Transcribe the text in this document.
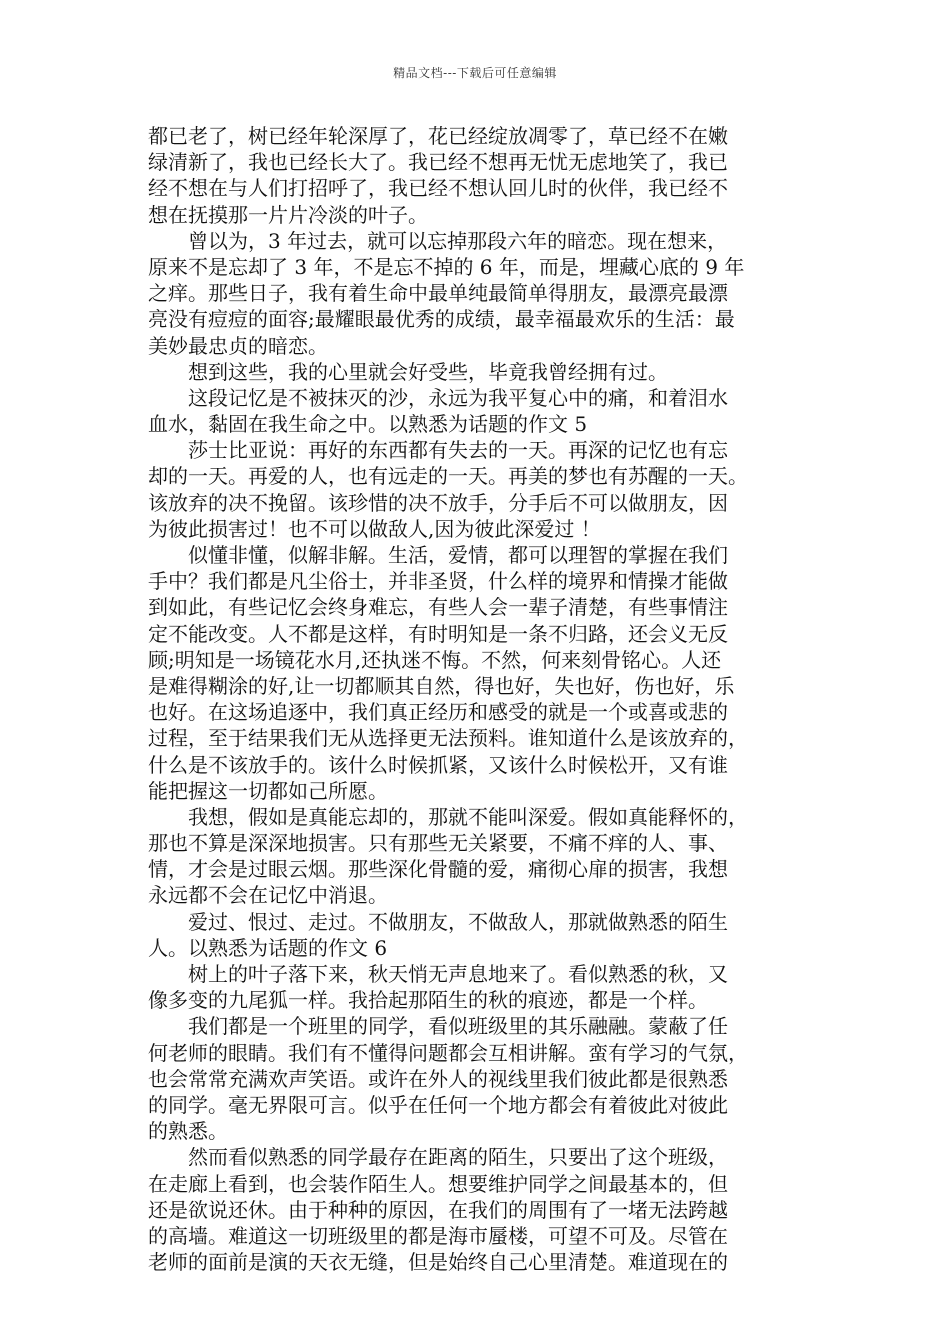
精品文档---下载后可任意编辑
都已老了，树已经年轮深厚了，花已经绽放凋零了，草已经不在嫩
绿清新了，我也已经长大了。我已经不想再无忧无虑地笑了，我已
经不想在与人们打招呼了，我已经不想认回儿时的伙伴，我已经不
想在抚摸那一片片冷淡的叶子。
　　曾以为，3 年过去，就可以忘掉那段六年的暗恋。现在想来，
原来不是忘却了 3 年，不是忘不掉的 6 年，而是，埋藏心底的 9 年
之痒。那些日子，我有着生命中最单纯最简单得朋友，最漂亮最漂
亮没有痘痘的面容;最耀眼最优秀的成绩，最幸福最欢乐的生活：最
美妙最忠贞的暗恋。
　　想到这些，我的心里就会好受些，毕竟我曾经拥有过。
　　这段记忆是不被抹灭的沙，永远为我平复心中的痛，和着泪水
血水，黏固在我生命之中。以熟悉为话题的作文 5
　　莎士比亚说：再好的东西都有失去的一天。再深的记忆也有忘
却的一天。再爱的人，也有远走的一天。再美的梦也有苏醒的一天。
该放弃的决不挽留。该珍惜的决不放手，分手后不可以做朋友，因
为彼此损害过！也不可以做敌人,因为彼此深爱过 ！
　　似懂非懂，似解非解。生活，爱情，都可以理智的掌握在我们
手中？我们都是凡尘俗士，并非圣贤，什么样的境界和情操才能做
到如此，有些记忆会终身难忘，有些人会一辈子清楚，有些事情注
定不能改变。人不都是这样，有时明知是一条不归路，还会义无反
顾;明知是一场镜花水月,还执迷不悔。不然，何来刻骨铭心。人还
是难得糊涂的好,让一切都顺其自然，得也好，失也好，伤也好，乐
也好。在这场追逐中，我们真正经历和感受的就是一个或喜或悲的
过程，至于结果我们无从选择更无法预料。谁知道什么是该放弃的，
什么是不该放手的。该什么时候抓紧，又该什么时候松开，又有谁
能把握这一切都如己所愿。
　　我想，假如是真能忘却的，那就不能叫深爱。假如真能释怀的，
那也不算是深深地损害。只有那些无关紧要，不痛不痒的人、事、
情，才会是过眼云烟。那些深化骨髓的爱，痛彻心扉的损害，我想
永远都不会在记忆中消退。
　　爱过、恨过、走过。不做朋友，不做敌人，那就做熟悉的陌生
人。以熟悉为话题的作文 6
　　树上的叶子落下来，秋天悄无声息地来了。看似熟悉的秋，又
像多变的九尾狐一样。我拾起那陌生的秋的痕迹，都是一个样。
　　我们都是一个班里的同学，看似班级里的其乐融融。蒙蔽了任
何老师的眼睛。我们有不懂得问题都会互相讲解。蛮有学习的气氛，
也会常常充满欢声笑语。或许在外人的视线里我们彼此都是很熟悉
的同学。毫无界限可言。似乎在任何一个地方都会有着彼此对彼此
的熟悉。
　　然而看似熟悉的同学最存在距离的陌生，只要出了这个班级，
在走廊上看到，也会装作陌生人。想要维护同学之间最基本的，但
还是欲说还休。由于种种的原因，在我们的周围有了一堵无法跨越
的高墙。难道这一切班级里的都是海市蜃楼，可望不可及。尽管在
老师的面前是演的天衣无缝，但是始终自己心里清楚。难道现在的
